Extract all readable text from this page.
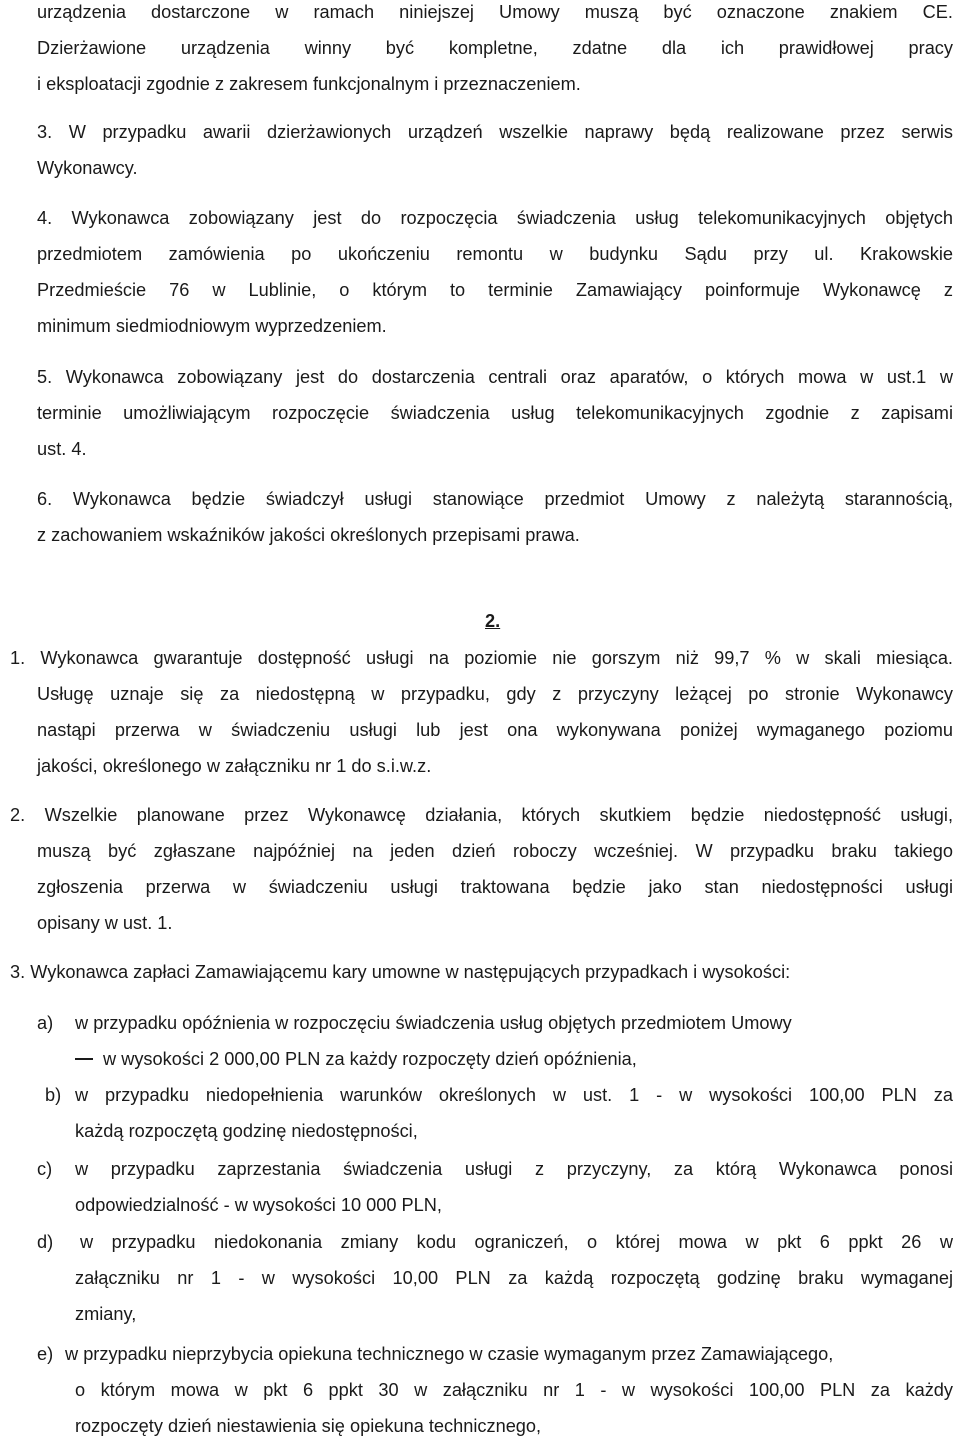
urządzenia dostarczone w ramach niniejszej Umowy muszą być oznaczone znakiem CE.
Dzierżawione urządzenia winny być kompletne, zdatne dla ich prawidłowej pracy
i eksploatacji zgodnie z zakresem funkcjonalnym i przeznaczeniem.
3. W przypadku awarii dzierżawionych urządzeń wszelkie naprawy będą realizowane przez serwis
Wykonawcy.
4. Wykonawca zobowiązany jest do rozpoczęcia świadczenia usług telekomunikacyjnych objętych
przedmiotem zamówienia po ukończeniu remontu w budynku Sądu przy ul. Krakowskie
Przedmieście 76 w Lublinie, o którym to terminie Zamawiający poinformuje Wykonawcę z
minimum siedmiodniowym wyprzedzeniem.
5. Wykonawca zobowiązany jest do dostarczenia centrali oraz aparatów, o których mowa w ust.1 w
terminie umożliwiającym rozpoczęcie świadczenia usług telekomunikacyjnych zgodnie z zapisami
ust. 4.
6. Wykonawca będzie świadczył usługi stanowiące przedmiot Umowy z należytą starannością,
z zachowaniem wskaźników jakości określonych przepisami prawa.
2.
1. Wykonawca gwarantuje dostępność usługi na poziomie nie gorszym niż 99,7 % w skali miesiąca.
Usługę uznaje się za niedostępną w przypadku, gdy z przyczyny leżącej po stronie Wykonawcy
nastąpi przerwa w świadczeniu usługi lub jest ona wykonywana poniżej wymaganego poziomu
jakości, określonego w załączniku nr 1 do s.i.w.z.
2. Wszelkie planowane przez Wykonawcę działania, których skutkiem będzie niedostępność usługi,
muszą być zgłaszane najpóźniej na jeden dzień roboczy wcześniej. W przypadku braku takiego
zgłoszenia przerwa w świadczeniu usługi traktowana będzie jako stan niedostępności usługi
opisany w ust. 1.
3. Wykonawca zapłaci Zamawiającemu kary umowne w następujących przypadkach i wysokości:
a) w przypadku opóźnienia w rozpoczęciu świadczenia usług objętych przedmiotem Umowy
w wysokości 2 000,00 PLN za każdy rozpoczęty dzień opóźnienia,
b) w przypadku niedopełnienia warunków określonych w ust. 1 - w wysokości 100,00 PLN za
każdą rozpoczętą godzinę niedostępności,
c) w przypadku zaprzestania świadczenia usługi z przyczyny, za którą Wykonawca ponosi
odpowiedzialność - w wysokości 10 000 PLN,
d) w przypadku niedokonania zmiany kodu ograniczeń, o której mowa w pkt 6 ppkt 26 w
załączniku nr 1 - w wysokości 10,00 PLN za każdą rozpoczętą godzinę braku wymaganej
zmiany,
e) w przypadku nieprzybycia opiekuna technicznego w czasie wymaganym przez Zamawiającego,
o którym mowa w pkt 6 ppkt 30 w załączniku nr 1 - w wysokości 100,00 PLN za każdy
rozpoczęty dzień niestawienia się opiekuna technicznego,
